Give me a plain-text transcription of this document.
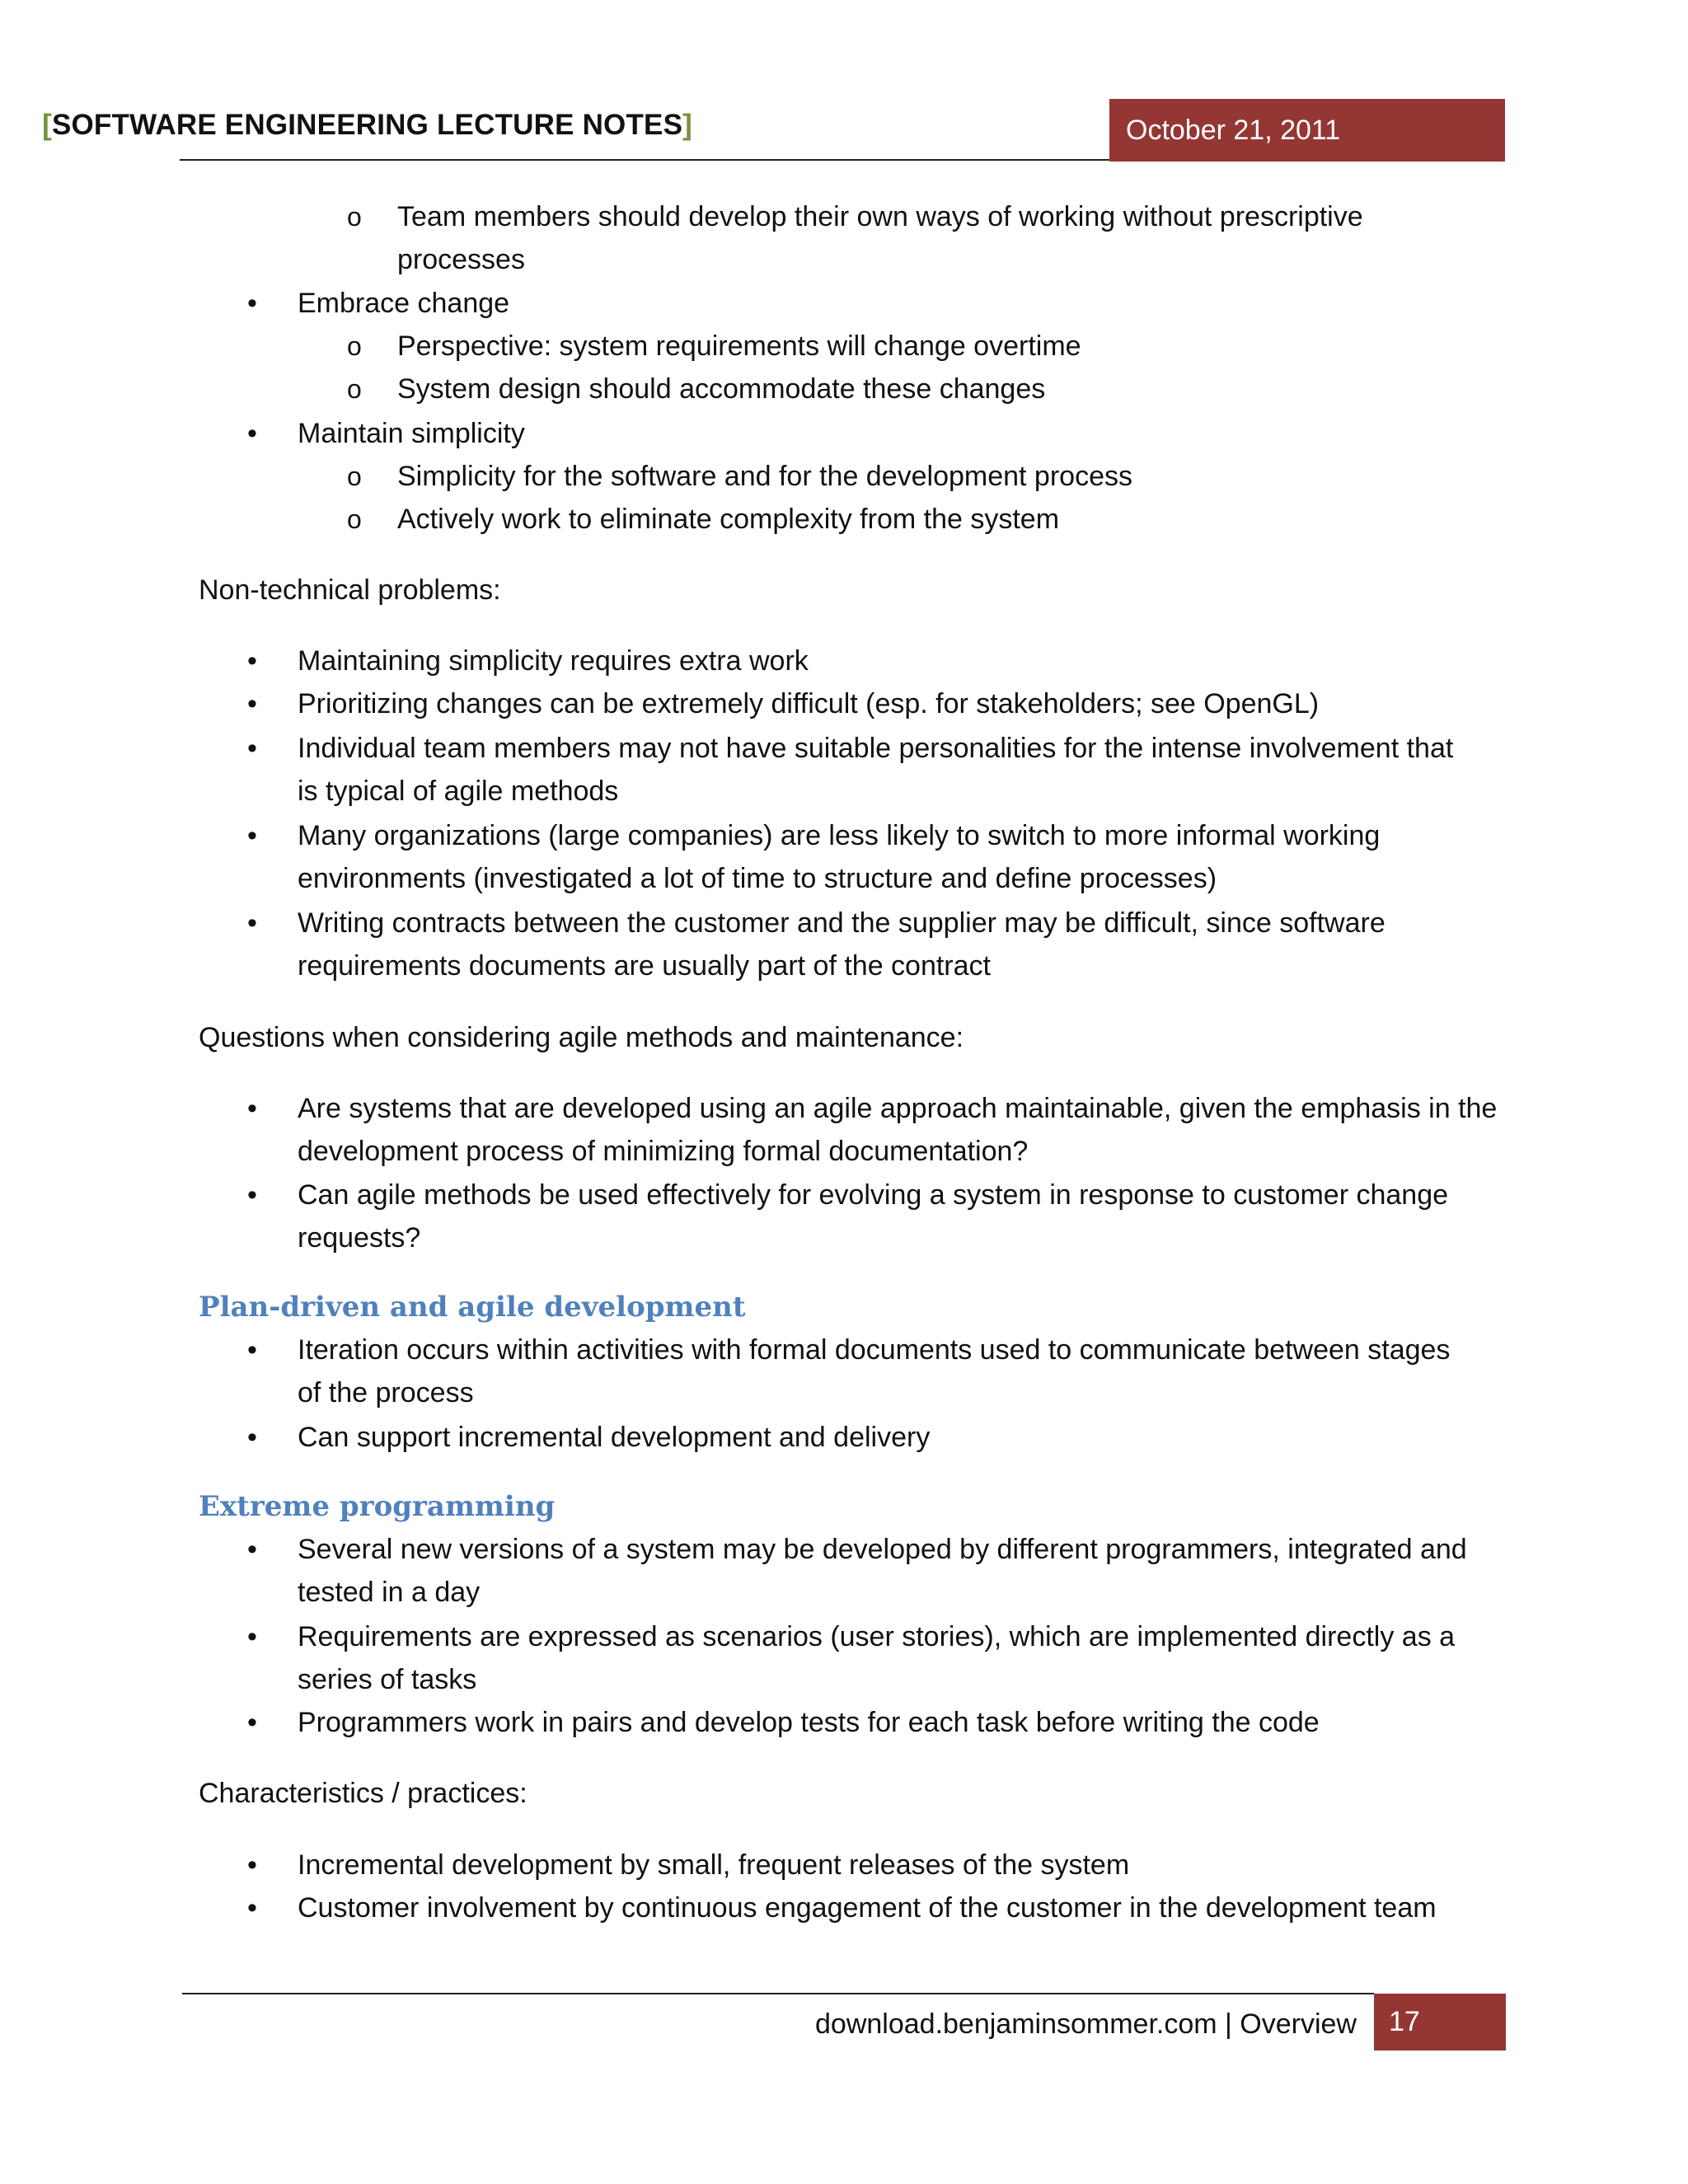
[SOFTWARE ENGINEERING LECTURE NOTES]	October 21, 2011
o Team members should develop their own ways of working without prescriptive
processes
• Embrace change
o Perspective: system requirements will change overtime
o System design should accommodate these changes
• Maintain simplicity
o Simplicity for the software and for the development process
o Actively work to eliminate complexity from the system
Non-technical problems:
• Maintaining simplicity requires extra work
• Prioritizing changes can be extremely difficult (esp. for stakeholders; see OpenGL)
• Individual team members may not have suitable personalities for the intense involvement that
is typical of agile methods
• Many organizations (large companies) are less likely to switch to more informal working
environments (investigated a lot of time to structure and define processes)
• Writing contracts between the customer and the supplier may be difficult, since software
requirements documents are usually part of the contract
Questions when considering agile methods and maintenance:
• Are systems that are developed using an agile approach maintainable, given the emphasis in the
development process of minimizing formal documentation?
• Can agile methods be used effectively for evolving a system in response to customer change
requests?
Plan-driven and agile development
• Iteration occurs within activities with formal documents used to communicate between stages
of the process
• Can support incremental development and delivery
Extreme programming
• Several new versions of a system may be developed by different programmers, integrated and
tested in a day
• Requirements are expressed as scenarios (user stories), which are implemented directly as a
series of tasks
• Programmers work in pairs and develop tests for each task before writing the code
Characteristics / practices:
• Incremental development by small, frequent releases of the system
• Customer involvement by continuous engagement of the customer in the development team
download.benjaminsommer.com | Overview	17
